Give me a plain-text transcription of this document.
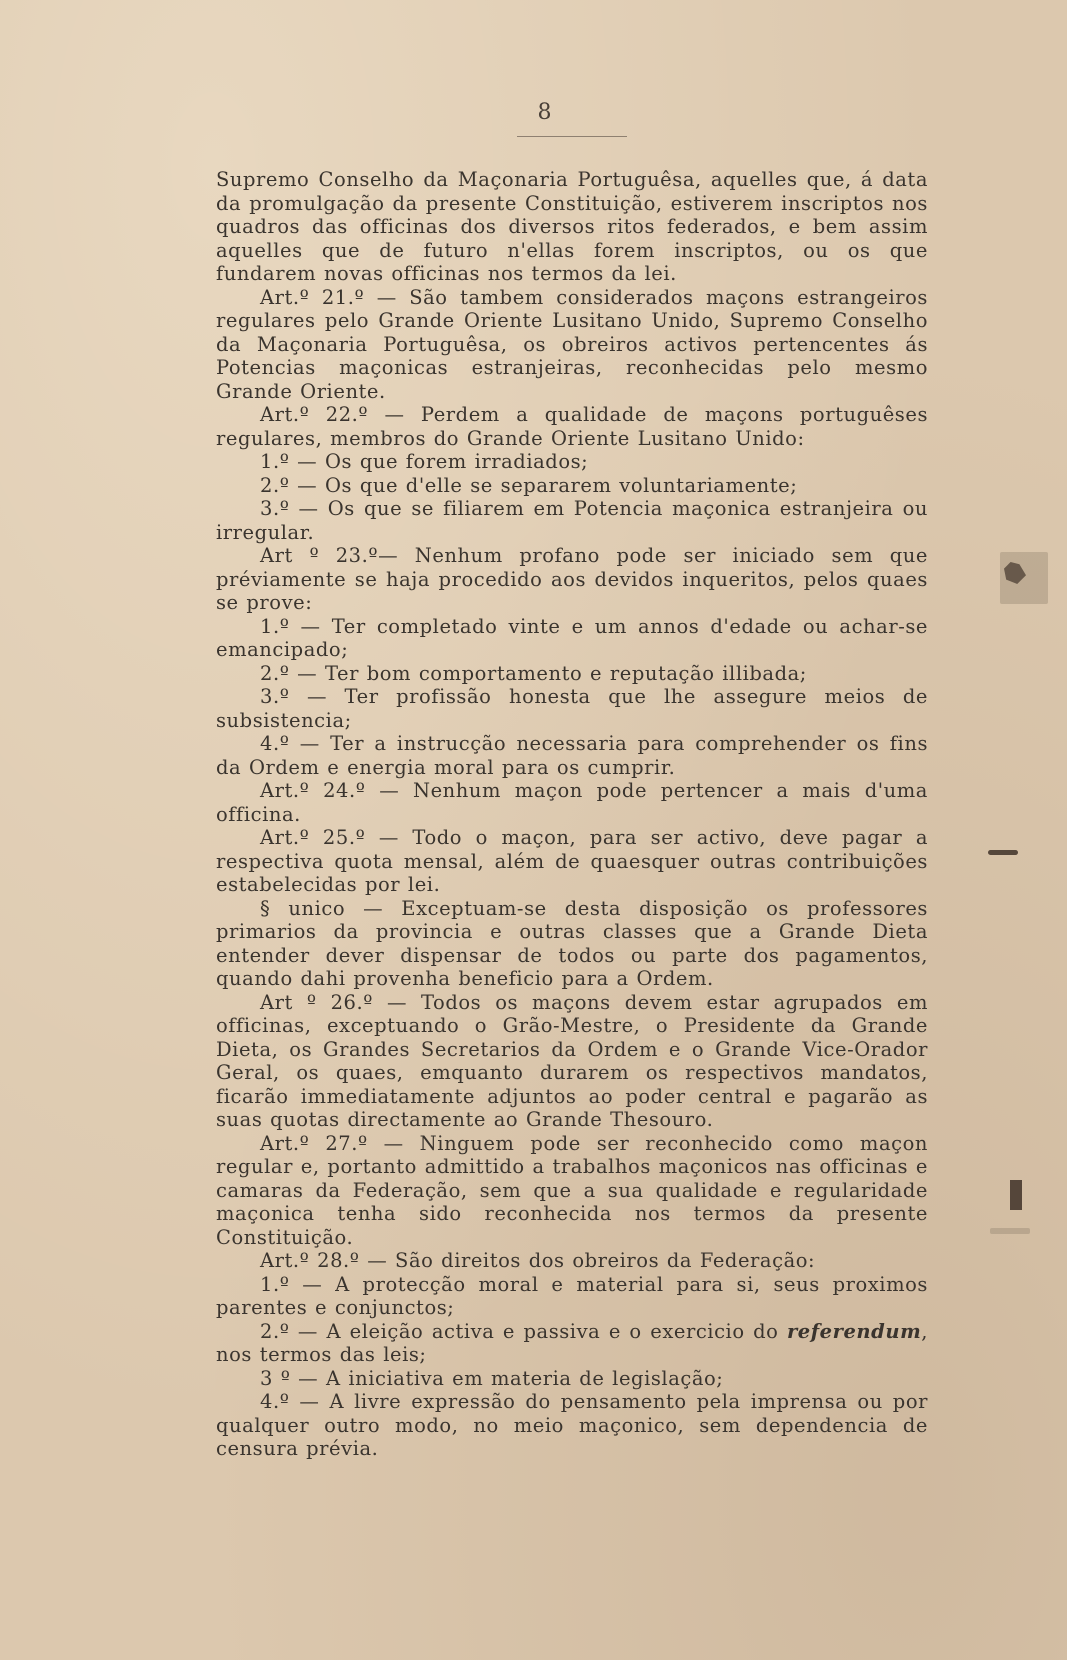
8

Supremo Conselho da Maçonaria Portuguêsa, aquelles que, á data da promulgação da presente Constituição, estiverem inscriptos nos quadros das officinas dos diversos ritos federados, e bem assim aquelles que de futuro n'ellas forem inscriptos, ou os que fundarem novas officinas nos termos da lei.

Art.º 21.º — São tambem considerados maçons estrangeiros regulares pelo Grande Oriente Lusitano Unido, Supremo Conselho da Maçonaria Portuguêsa, os obreiros activos pertencentes ás Potencias maçonicas estranjeiras, reconhecidas pelo mesmo Grande Oriente.

Art.º 22.º — Perdem a qualidade de maçons portuguêses regulares, membros do Grande Oriente Lusitano Unido:

1.º — Os que forem irradiados;

2.º — Os que d'elle se separarem voluntariamente;

3.º — Os que se filiarem em Potencia maçonica estranjeira ou irregular.

Art º 23.º— Nenhum profano pode ser iniciado sem que préviamente se haja procedido aos devidos inqueritos, pelos quaes se prove:

1.º — Ter completado vinte e um annos d'edade ou achar-se emancipado;

2.º — Ter bom comportamento e reputação illibada;

3.º — Ter profissão honesta que lhe assegure meios de subsistencia;

4.º — Ter a instrucção necessaria para comprehender os fins da Ordem e energia moral para os cumprir.

Art.º 24.º — Nenhum maçon pode pertencer a mais d'uma officina.

Art.º 25.º — Todo o maçon, para ser activo, deve pagar a respectiva quota mensal, além de quaesquer outras contribuições estabelecidas por lei.

§ unico — Exceptuam-se desta disposição os professores primarios da provincia e outras classes que a Grande Dieta entender dever dispensar de todos ou parte dos pagamentos, quando dahi provenha beneficio para a Ordem.

Art º 26.º — Todos os maçons devem estar agrupados em officinas, exceptuando o Grão-Mestre, o Presidente da Grande Dieta, os Grandes Secretarios da Ordem e o Grande Vice-Orador Geral, os quaes, emquanto durarem os respectivos mandatos, ficarão immediatamente adjuntos ao poder central e pagarão as suas quotas directamente ao Grande Thesouro.

Art.º 27.º — Ninguem pode ser reconhecido como maçon regular e, portanto admittido a trabalhos maçonicos nas officinas e camaras da Federação, sem que a sua qualidade e regularidade maçonica tenha sido reconhecida nos termos da presente Constituição.

Art.º 28.º — São direitos dos obreiros da Federação:

1.º — A protecção moral e material para si, seus proximos parentes e conjunctos;

2.º — A eleição activa e passiva e o exercicio do referendum, nos termos das leis;

3 º — A iniciativa em materia de legislação;

4.º — A livre expressão do pensamento pela imprensa ou por qualquer outro modo, no meio maçonico, sem dependencia de censura prévia.
